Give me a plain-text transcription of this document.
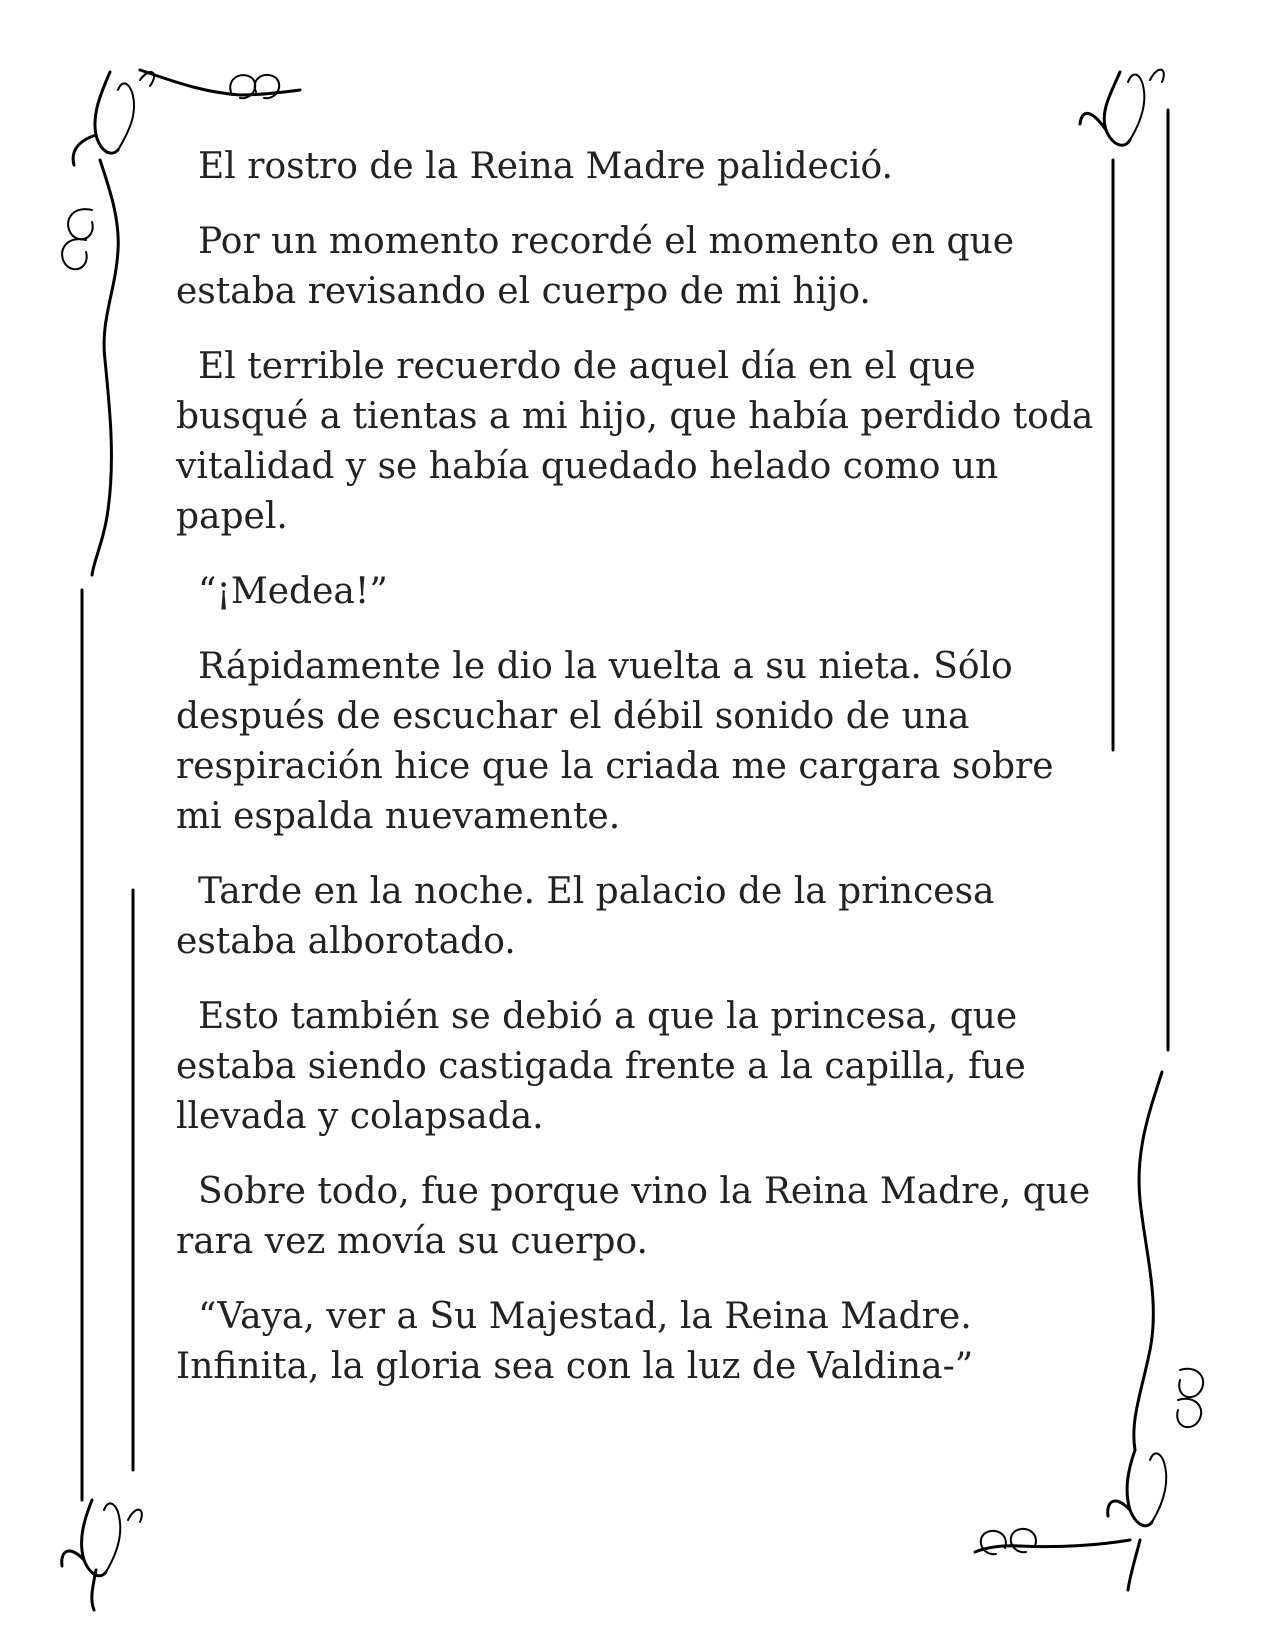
El rostro de la Reina Madre palideció.

Por un momento recordé el momento en que estaba revisando el cuerpo de mi hijo.

El terrible recuerdo de aquel día en el que busqué a tientas a mi hijo, que había perdido toda vitalidad y se había quedado helado como un papel.

“¡Medea!”

Rápidamente le dio la vuelta a su nieta. Sólo después de escuchar el débil sonido de una respiración hice que la criada me cargara sobre mi espalda nuevamente.

Tarde en la noche. El palacio de la princesa estaba alborotado.

Esto también se debió a que la princesa, que estaba siendo castigada frente a la capilla, fue llevada y colapsada.

Sobre todo, fue porque vino la Reina Madre, que rara vez movía su cuerpo.

“Vaya, ver a Su Majestad, la Reina Madre. Infinita, la gloria sea con la luz de Valdina-”
